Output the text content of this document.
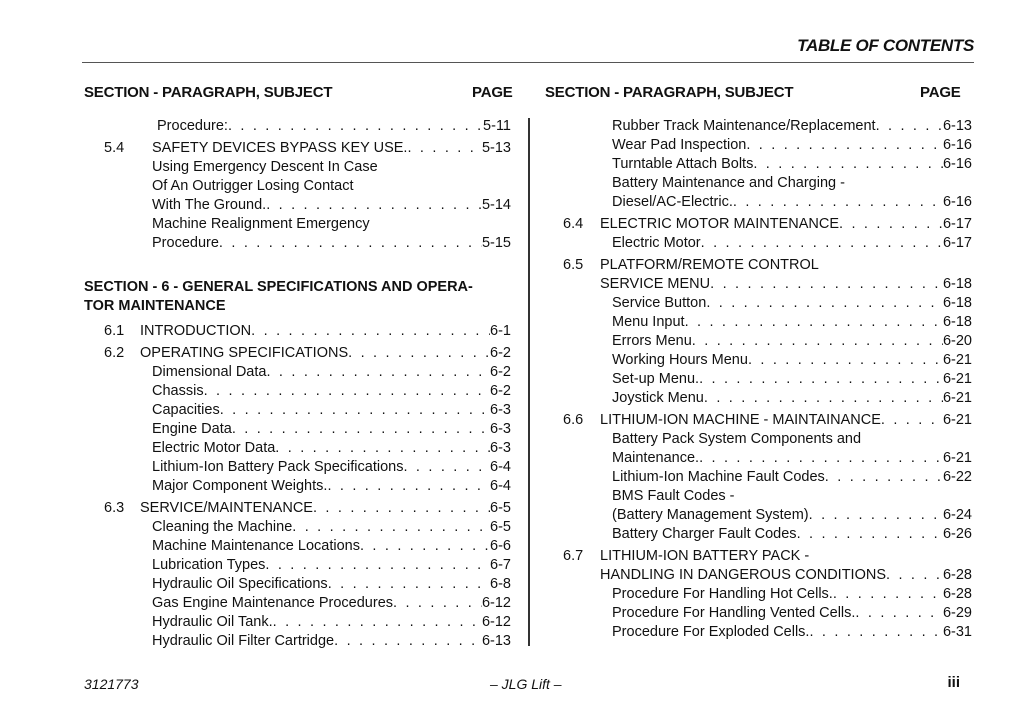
TABLE OF CONTENTS
SECTION - PARAGRAPH, SUBJECT	PAGE SECTION - PARAGRAPH, SUBJECT	PAGE
Procedure: . . .	5-11
5.4	SAFETY DEVICES BYPASS KEY USE. . . .	5-13
Using Emergency Descent In Case
Of An Outrigger Losing Contact
With The Ground. . . .	5-14
Machine Realignment Emergency
Procedure . . .	5-15
SECTION - 6 - GENERAL SPECIFICATIONS AND OPERA-
TOR MAINTENANCE
6.1	INTRODUCTION . . .	6-1
6.2	OPERATING SPECIFICATIONS . . .	6-2
Dimensional Data . . .	6-2
Chassis . . .	6-2
Capacities . . .	6-3
Engine Data . . .	6-3
Electric Motor Data . . .	6-3
Lithium-Ion Battery Pack Specifications . . .	6-4
Major Component Weights. . . .	6-4
6.3	SERVICE/MAINTENANCE . . .	6-5
Cleaning the Machine . . .	6-5
Machine Maintenance Locations . . .	6-6
Lubrication Types . . .	6-7
Hydraulic Oil Specifications . . .	6-8
Gas Engine Maintenance Procedures . . .	6-12
Hydraulic Oil Tank. . . .	6-12
Hydraulic Oil Filter Cartridge . . .	6-13
Rubber Track Maintenance/Replacement . . .	6-13
Wear Pad Inspection . . .	6-16
Turntable Attach Bolts . . .	6-16
Battery Maintenance and Charging -
Diesel/AC-Electric. . . .	6-16
6.4	ELECTRIC MOTOR MAINTENANCE . . .	6-17
Electric Motor . . .	6-17
6.5 PLATFORM/REMOTE CONTROL
SERVICE MENU . . .	6-18
Service Button . . .	6-18
Menu Input . . .	6-18
Errors Menu . . .	6-20
Working Hours Menu . . .	6-21
Set-up Menu. . . .	6-21
Joystick Menu . . .	6-21
6.6	LITHIUM-ION MACHINE - MAINTAINANCE . . .	6-21
Battery Pack System Components and
Maintenance. . . .	6-21
Lithium-Ion Machine Fault Codes . . .	6-22
BMS Fault Codes -
(Battery Management System) . . .	6-24
Battery Charger Fault Codes . . .	6-26
6.7 LITHIUM-ION BATTERY PACK -
HANDLING IN DANGEROUS CONDITIONS . . .	6-28
Procedure For Handling Hot Cells. . . .	6-28
Procedure For Handling Vented Cells. . . .	6-29
Procedure For Exploded Cells. . . .	6-31
3121773	– JLG Lift –	iii
